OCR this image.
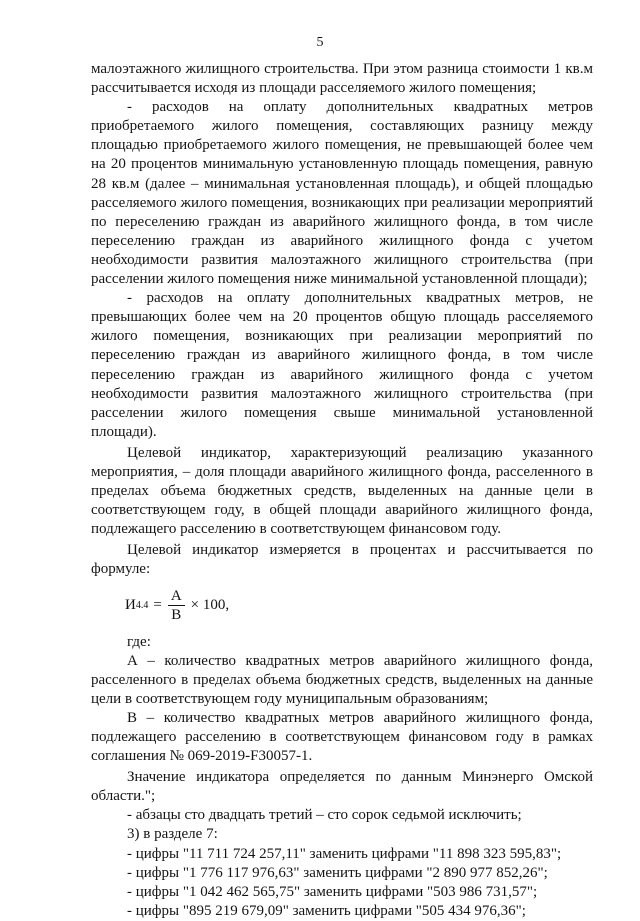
5

малоэтажного жилищного строительства. При этом разница стоимости 1 кв.м рассчитывается исходя из площади расселяемого жилого помещения;

- расходов на оплату дополнительных квадратных метров приобретаемого жилого помещения, составляющих разницу между площадью приобретаемого жилого помещения, не превышающей более чем на 20 процентов минимальную установленную площадь помещения, равную 28 кв.м (далее – минимальная установленная площадь), и общей площадью расселяемого жилого помещения, возникающих при реализации мероприятий по переселению граждан из аварийного жилищного фонда, в том числе переселению граждан из аварийного жилищного фонда с учетом необходимости развития малоэтажного жилищного строительства (при расселении жилого помещения ниже минимальной установленной площади);

- расходов на оплату дополнительных квадратных метров, не превышающих более чем на 20 процентов общую площадь расселяемого жилого помещения, возникающих при реализации мероприятий по переселению граждан из аварийного жилищного фонда, в том числе переселению граждан из аварийного жилищного фонда с учетом необходимости развития малоэтажного жилищного строительства (при расселении жилого помещения свыше минимальной установленной площади).

Целевой индикатор, характеризующий реализацию указанного мероприятия, – доля площади аварийного жилищного фонда, расселенного в пределах объема бюджетных средств, выделенных на данные цели в соответствующем году, в общей площади аварийного жилищного фонда, подлежащего расселению в соответствующем финансовом году.

Целевой индикатор измеряется в процентах и рассчитывается по формуле:

И $4.4 = \frac{А}{В} \times 100$,

где:

А – количество квадратных метров аварийного жилищного фонда, расселенного в пределах объема бюджетных средств, выделенных на данные цели в соответствующем году муниципальным образованиям;

В – количество квадратных метров аварийного жилищного фонда, подлежащего расселению в соответствующем финансовом году в рамках соглашения № 069-2019-F30057-1.

Значение индикатора определяется по данным Минэнерго Омской области.";

- абзацы сто двадцать третий – сто сорок седьмой исключить;

3) в разделе 7:

- цифры "11 711 724 257,11" заменить цифрами "11 898 323 595,83";

- цифры "1 776 117 976,63" заменить цифрами "2 890 977 852,26";

- цифры "1 042 462 565,75" заменить цифрами "503 986 731,57";

- цифры "895 219 679,09" заменить цифрами "505 434 976,36";
